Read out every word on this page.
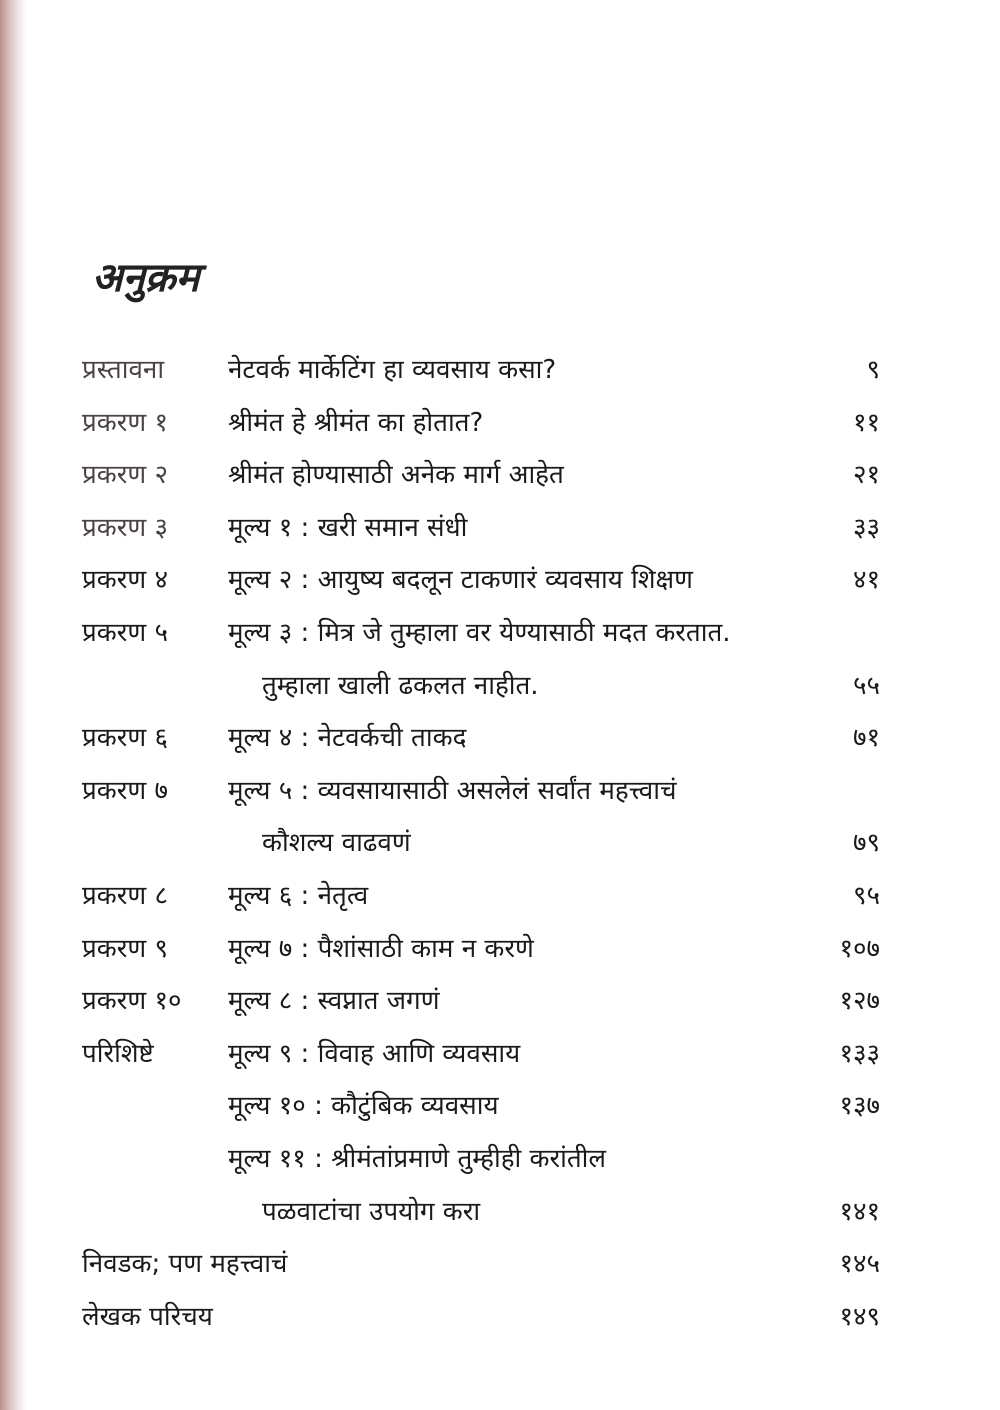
अनुक्रम
प्रस्तावना नेटवर्क मार्केटिंग हा व्यवसाय कसा?	९
प्रकरण १ श्रीमंत हे श्रीमंत का होतात?	११
प्रकरण २ श्रीमंत होण्यासाठी अनेक मार्ग आहेत	२१
प्रकरण ३ मूल्य १ : खरी समान संधी	३३
प्रकरण ४ मूल्य २ : आयुष्य बदलून टाकणारं व्यवसाय शिक्षण	४१
प्रकरण ५ मूल्य ३ : मित्र जे तुम्हाला वर येण्यासाठी मदत करतात.
तुम्हाला खाली ढकलत नाहीत.	५५
प्रकरण ६ मूल्य ४ : नेटवर्कची ताकद	७१
प्रकरण ७ मूल्य ५ : व्यवसायासाठी असलेलं सर्वांत महत्त्वाचं
कौशल्य वाढवणं	७९
प्रकरण ८ मूल्य ६ : नेतृत्व	९५
प्रकरण ९ मूल्य ७ : पैशांसाठी काम न करणे	१०७
प्रकरण १० मूल्य ८ : स्वप्नात जगणं	१२७
परिशिष्टे	मूल्य ९ : विवाह आणि व्यवसाय	१३३
मूल्य १० : कौटुंबिक व्यवसाय	१३७
मूल्य ११ : श्रीमंतांप्रमाणे तुम्हीही करांतील
पळवाटांचा उपयोग करा	१४१
निवडक; पण महत्त्वाचं	१४५
लेखक परिचय	१४९
